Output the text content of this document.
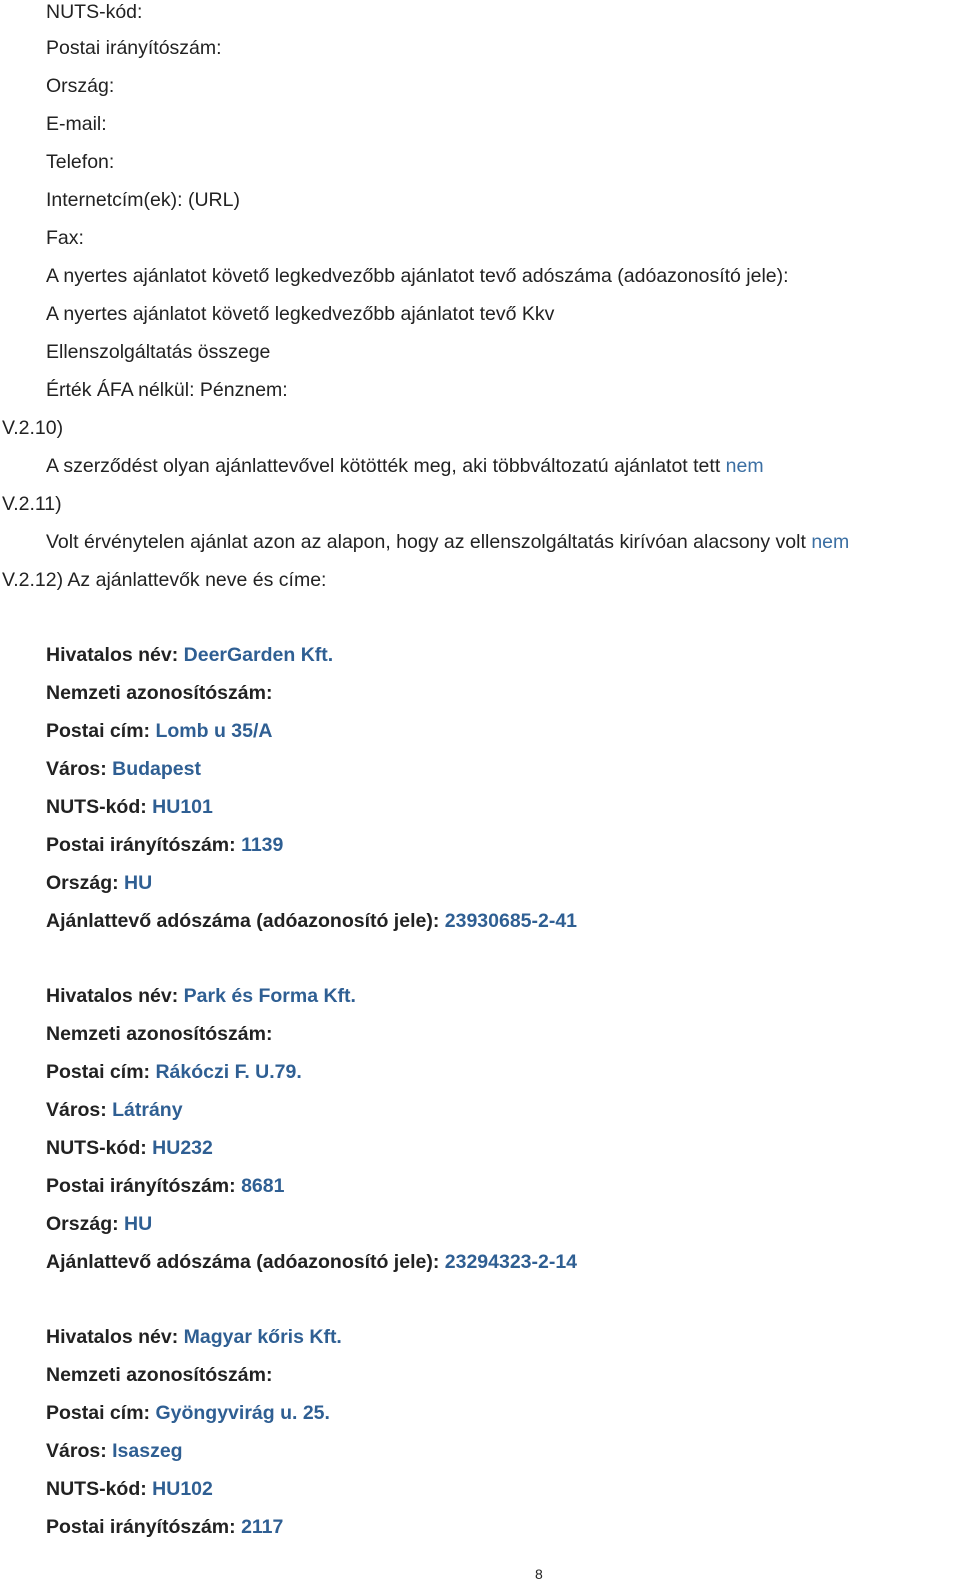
NUTS-kód:
Postai irányítószám:
Ország:
E-mail:
Telefon:
Internetcím(ek): (URL)
Fax:
A nyertes ajánlatot követő legkedvezőbb ajánlatot tevő adószáma (adóazonosító jele):
A nyertes ajánlatot követő legkedvezőbb ajánlatot tevő Kkv
Ellenszolgáltatás összege
Érték ÁFA nélkül: Pénznem:
V.2.10)
A szerződést olyan ajánlattevővel kötötték meg, aki többváltozatú ajánlatot tett nem
V.2.11)
Volt érvénytelen ajánlat azon az alapon, hogy az ellenszolgáltatás kirívóan alacsony volt nem
V.2.12) Az ajánlattevők neve és címe:
Hivatalos név: DeerGarden Kft.
Nemzeti azonosítószám:
Postai cím: Lomb u 35/A
Város: Budapest
NUTS-kód: HU101
Postai irányítószám: 1139
Ország: HU
Ajánlattevő adószáma (adóazonosító jele): 23930685-2-41
Hivatalos név: Park és Forma Kft.
Nemzeti azonosítószám:
Postai cím: Rákóczi F. U.79.
Város: Látrány
NUTS-kód: HU232
Postai irányítószám: 8681
Ország: HU
Ajánlattevő adószáma (adóazonosító jele): 23294323-2-14
Hivatalos név: Magyar kőris Kft.
Nemzeti azonosítószám:
Postai cím: Gyöngyvirág u. 25.
Város: Isaszeg
NUTS-kód: HU102
Postai irányítószám: 2117
8
